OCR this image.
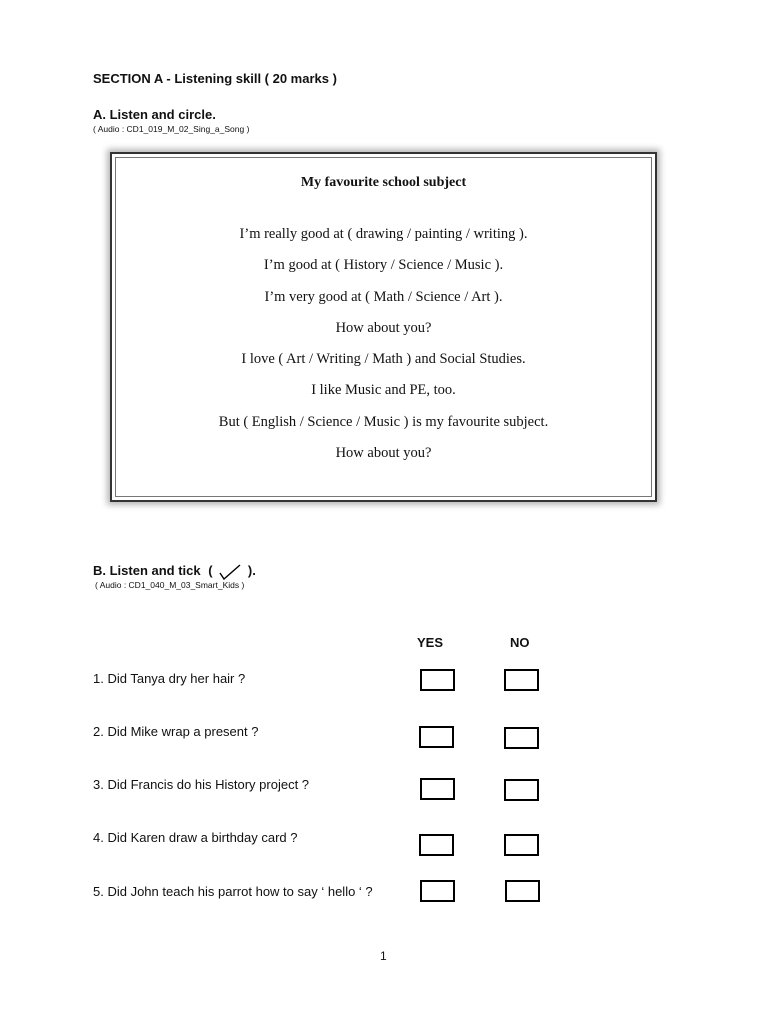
SECTION A - Listening skill ( 20 marks )
A. Listen and circle.
( Audio : CD1_019_M_02_Sing_a_Song )
My favourite school subject
I’m really good at ( drawing / painting / writing ).
I’m good at ( History / Science / Music ).
I’m very good at ( Math / Science / Art ).
How about you?
I love ( Art / Writing / Math ) and Social Studies.
I like Music and PE, too.
But ( English / Science / Music ) is my favourite subject.
How about you?
B. Listen and tick (	).
( Audio : CD1_040_M_03_Smart_Kids )
YES	NO
1. Did Tanya dry her hair ?
2. Did Mike wrap a present ?
3. Did Francis do his History project ?
4. Did Karen draw a birthday card ?
5. Did John teach his parrot how to say ‘ hello ‘ ?
1
